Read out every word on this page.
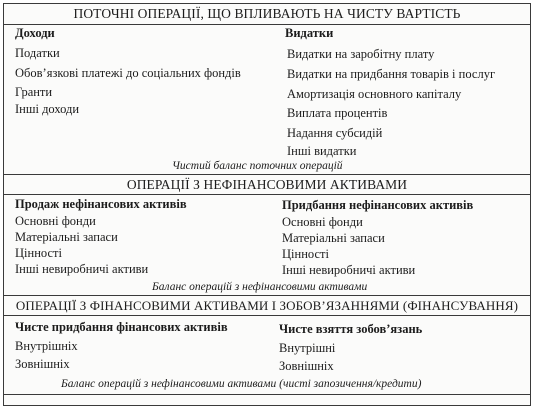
ПОТОЧНІ ОПЕРАЦІЇ, ЩО ВПЛИВАЮТЬ НА ЧИСТУ ВАРТІСТЬ
Доходи
Податки
Обов’язкові платежі до соціальних фондів
Гранти
Інші доходи
Видатки
Видатки на заробітну плату
Видатки на придбання товарів і послуг
Амортизація основного капіталу
Виплата процентів
Надання субсидій
Інші видатки
Чистий баланс поточних операцій
ОПЕРАЦІЇ З НЕФІНАНСОВИМИ АКТИВАМИ
Продаж нефінансових активів
Основні фонди
Матеріальні запаси
Цінності
Інші невиробничі активи
Придбання нефінансових активів
Основні фонди
Матеріальні запаси
Цінності
Інші невиробничі активи
Баланс операцій з нефінансовими активами
ОПЕРАЦІЇ З ФІНАНСОВИМИ АКТИВАМИ І ЗОБОВ’ЯЗАННЯМИ (ФІНАНСУВАННЯ)
Чисте придбання фінансових активів
Внутрішніх
Зовнішніх
Чисте взяття зобов’язань
Внутрішні
Зовнішніх
Баланс операцій з нефінансовими активами (чисті запозичення/кредити)
